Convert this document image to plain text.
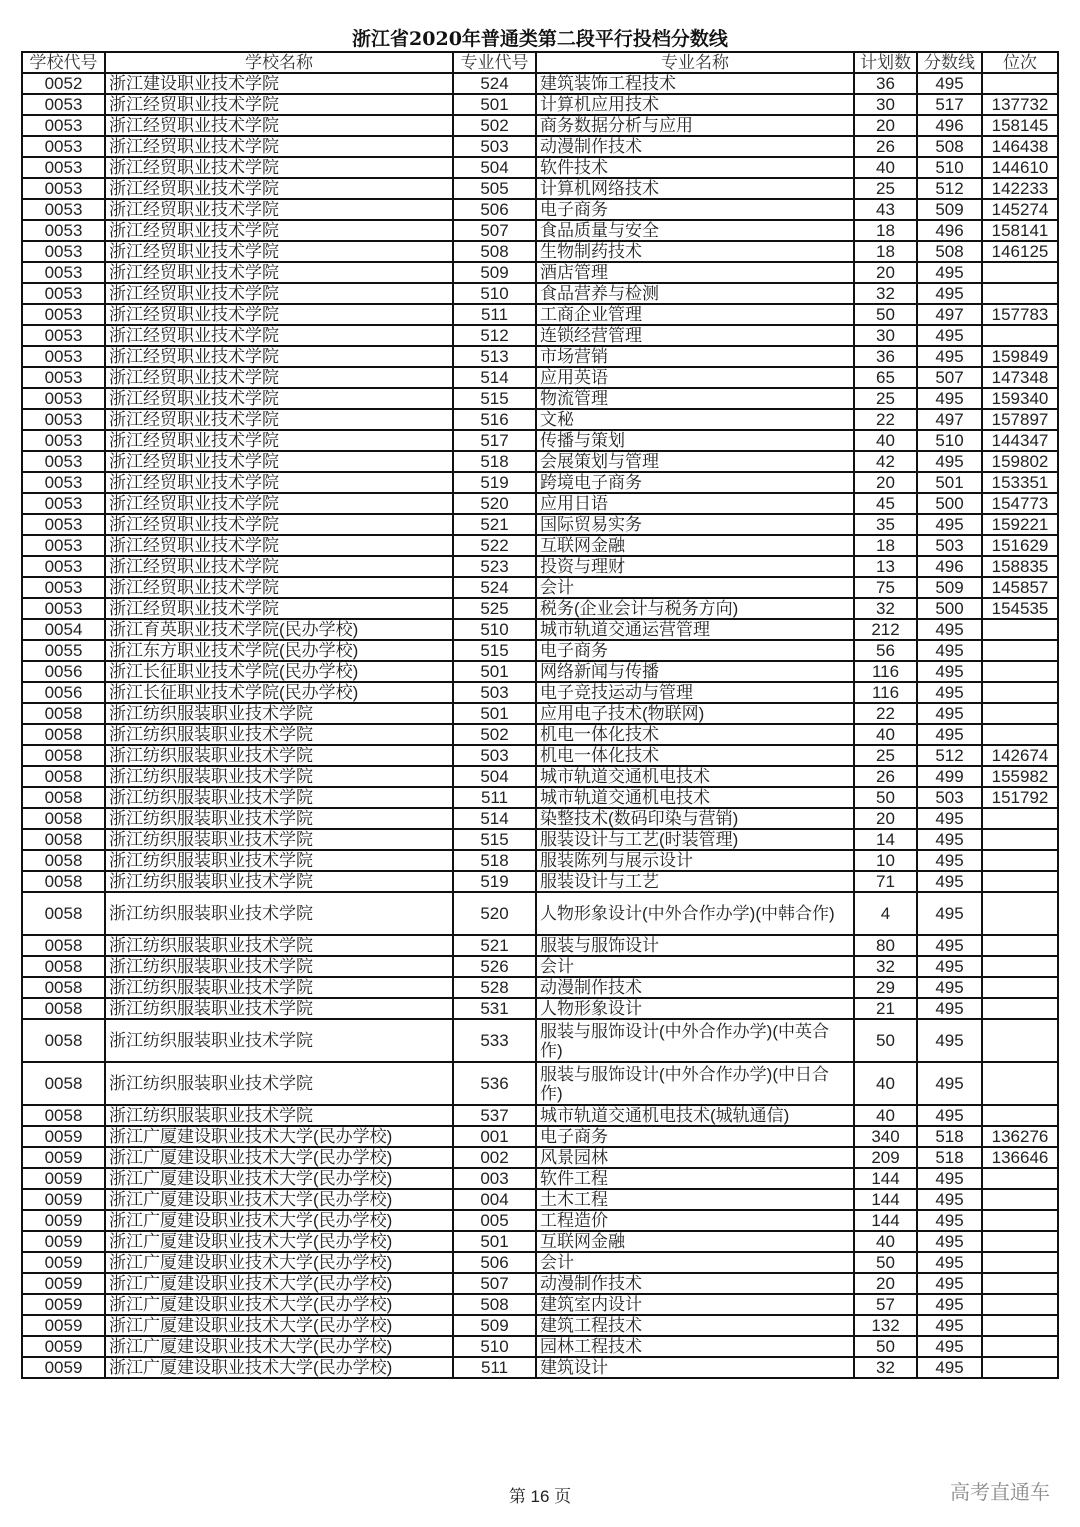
浙江省2020年普通类第二段平行投档分数线
学校代号	学校名称	专业代号	专业名称	计划数	分数线	位次
0052	浙江建设职业技术学院	524	建筑装饰工程技术	36	495	
0053	浙江经贸职业技术学院	501	计算机应用技术	30	517	137732
0053	浙江经贸职业技术学院	502	商务数据分析与应用	20	496	158145
0053	浙江经贸职业技术学院	503	动漫制作技术	26	508	146438
0053	浙江经贸职业技术学院	504	软件技术	40	510	144610
0053	浙江经贸职业技术学院	505	计算机网络技术	25	512	142233
0053	浙江经贸职业技术学院	506	电子商务	43	509	145274
0053	浙江经贸职业技术学院	507	食品质量与安全	18	496	158141
0053	浙江经贸职业技术学院	508	生物制药技术	18	508	146125
0053	浙江经贸职业技术学院	509	酒店管理	20	495	
0053	浙江经贸职业技术学院	510	食品营养与检测	32	495	
0053	浙江经贸职业技术学院	511	工商企业管理	50	497	157783
0053	浙江经贸职业技术学院	512	连锁经营管理	30	495	
0053	浙江经贸职业技术学院	513	市场营销	36	495	159849
0053	浙江经贸职业技术学院	514	应用英语	65	507	147348
0053	浙江经贸职业技术学院	515	物流管理	25	495	159340
0053	浙江经贸职业技术学院	516	文秘	22	497	157897
0053	浙江经贸职业技术学院	517	传播与策划	40	510	144347
0053	浙江经贸职业技术学院	518	会展策划与管理	42	495	159802
0053	浙江经贸职业技术学院	519	跨境电子商务	20	501	153351
0053	浙江经贸职业技术学院	520	应用日语	45	500	154773
0053	浙江经贸职业技术学院	521	国际贸易实务	35	495	159221
0053	浙江经贸职业技术学院	522	互联网金融	18	503	151629
0053	浙江经贸职业技术学院	523	投资与理财	13	496	158835
0053	浙江经贸职业技术学院	524	会计	75	509	145857
0053	浙江经贸职业技术学院	525	税务(企业会计与税务方向)	32	500	154535
0054	浙江育英职业技术学院(民办学校)	510	城市轨道交通运营管理	212	495	
0055	浙江东方职业技术学院(民办学校)	515	电子商务	56	495	
0056	浙江长征职业技术学院(民办学校)	501	网络新闻与传播	116	495	
0056	浙江长征职业技术学院(民办学校)	503	电子竞技运动与管理	116	495	
0058	浙江纺织服装职业技术学院	501	应用电子技术(物联网)	22	495	
0058	浙江纺织服装职业技术学院	502	机电一体化技术	40	495	
0058	浙江纺织服装职业技术学院	503	机电一体化技术	25	512	142674
0058	浙江纺织服装职业技术学院	504	城市轨道交通机电技术	26	499	155982
0058	浙江纺织服装职业技术学院	511	城市轨道交通机电技术	50	503	151792
0058	浙江纺织服装职业技术学院	514	染整技术(数码印染与营销)	20	495	
0058	浙江纺织服装职业技术学院	515	服装设计与工艺(时装管理)	14	495	
0058	浙江纺织服装职业技术学院	518	服装陈列与展示设计	10	495	
0058	浙江纺织服装职业技术学院	519	服装设计与工艺	71	495	
0058	浙江纺织服装职业技术学院	520	人物形象设计(中外合作办学)(中韩合作)	4	495	
0058	浙江纺织服装职业技术学院	521	服装与服饰设计	80	495	
0058	浙江纺织服装职业技术学院	526	会计	32	495	
0058	浙江纺织服装职业技术学院	528	动漫制作技术	29	495	
0058	浙江纺织服装职业技术学院	531	人物形象设计	21	495	
0058	浙江纺织服装职业技术学院	533	服装与服饰设计(中外合作办学)(中英合作)	50	495	
0058	浙江纺织服装职业技术学院	536	服装与服饰设计(中外合作办学)(中日合作)	40	495	
0058	浙江纺织服装职业技术学院	537	城市轨道交通机电技术(城轨通信)	40	495	
0059	浙江广厦建设职业技术大学(民办学校)	001	电子商务	340	518	136276
0059	浙江广厦建设职业技术大学(民办学校)	002	风景园林	209	518	136646
0059	浙江广厦建设职业技术大学(民办学校)	003	软件工程	144	495	
0059	浙江广厦建设职业技术大学(民办学校)	004	土木工程	144	495	
0059	浙江广厦建设职业技术大学(民办学校)	005	工程造价	144	495	
0059	浙江广厦建设职业技术大学(民办学校)	501	互联网金融	40	495	
0059	浙江广厦建设职业技术大学(民办学校)	506	会计	50	495	
0059	浙江广厦建设职业技术大学(民办学校)	507	动漫制作技术	20	495	
0059	浙江广厦建设职业技术大学(民办学校)	508	建筑室内设计	57	495	
0059	浙江广厦建设职业技术大学(民办学校)	509	建筑工程技术	132	495	
0059	浙江广厦建设职业技术大学(民办学校)	510	园林工程技术	50	495	
0059	浙江广厦建设职业技术大学(民办学校)	511	建筑设计	32	495	
第 16 页	高考直通车
